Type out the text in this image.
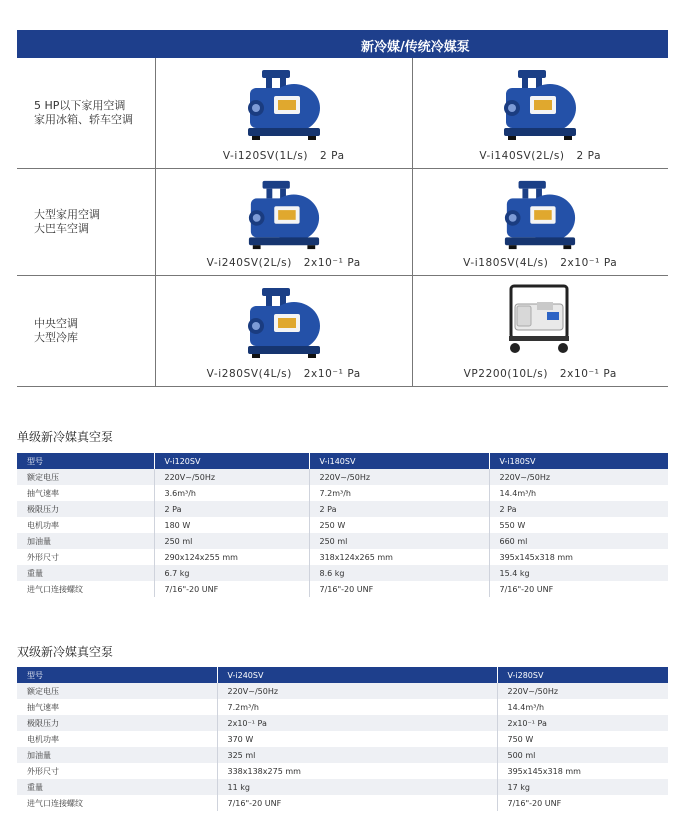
新冷媒/传统冷媒泵
5 HP以下家用空调
家用冰箱、轿车空调
V-i120SV(1L/s) 2 Pa	V-i140SV(2L/s) 2 Pa
大型家用空调
大巴车空调
V-i240SV(2L/s) 2x10⁻¹ Pa	V-i180SV(4L/s) 2x10⁻¹ Pa
中央空调
大型冷库
V-i280SV(4L/s) 2x10⁻¹ Pa	VP2200(10L/s) 2x10⁻¹ Pa
单级新冷媒真空泵
型号	V-i120SV	V-i140SV	V-i180SV
额定电压	220V~/50Hz	220V~/50Hz	220V~/50Hz
抽气速率	3.6m³/h	7.2m³/h	14.4m³/h
极限压力	2 Pa	2 Pa	2 Pa
电机功率	180 W	250 W	550 W
加油量	250 ml	250 ml	660 ml
外形尺寸	290x124x255 mm	318x124x265 mm	395x145x318 mm
重量	6.7 kg	8.6 kg	15.4 kg
进气口连接螺纹	7/16"-20 UNF	7/16"-20 UNF	7/16"-20 UNF
双级新冷媒真空泵
型号	V-i240SV	V-i280SV
额定电压	220V~/50Hz	220V~/50Hz
抽气速率	7.2m³/h	14.4m³/h
极限压力	2x10⁻¹ Pa	2x10⁻¹ Pa
电机功率	370 W	750 W
加油量	325 ml	500 ml
外形尺寸	338x138x275 mm	395x145x318 mm
重量	11 kg	17 kg
进气口连接螺纹	7/16"-20 UNF	7/16"-20 UNF
